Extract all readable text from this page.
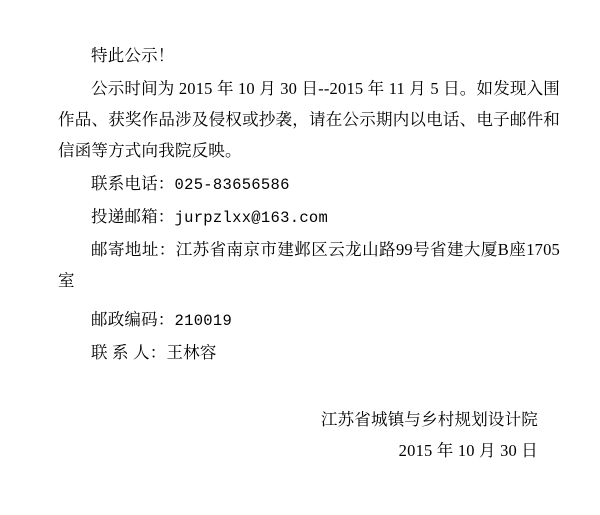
特此公示！

公示时间为 2015 年 10 月 30 日--2015 年 11 月 5 日。如发现入围作品、获奖作品涉及侵权或抄袭，请在公示期内以电话、电子邮件和信函等方式向我院反映。

联系电话：025-83656586

投递邮箱：jurpzlxx@163.com

邮寄地址：江苏省南京市建邺区云龙山路99号省建大厦B座1705室

邮政编码：210019

联 系 人：王林容

江苏省城镇与乡村规划设计院

2015 年 10 月 30 日
